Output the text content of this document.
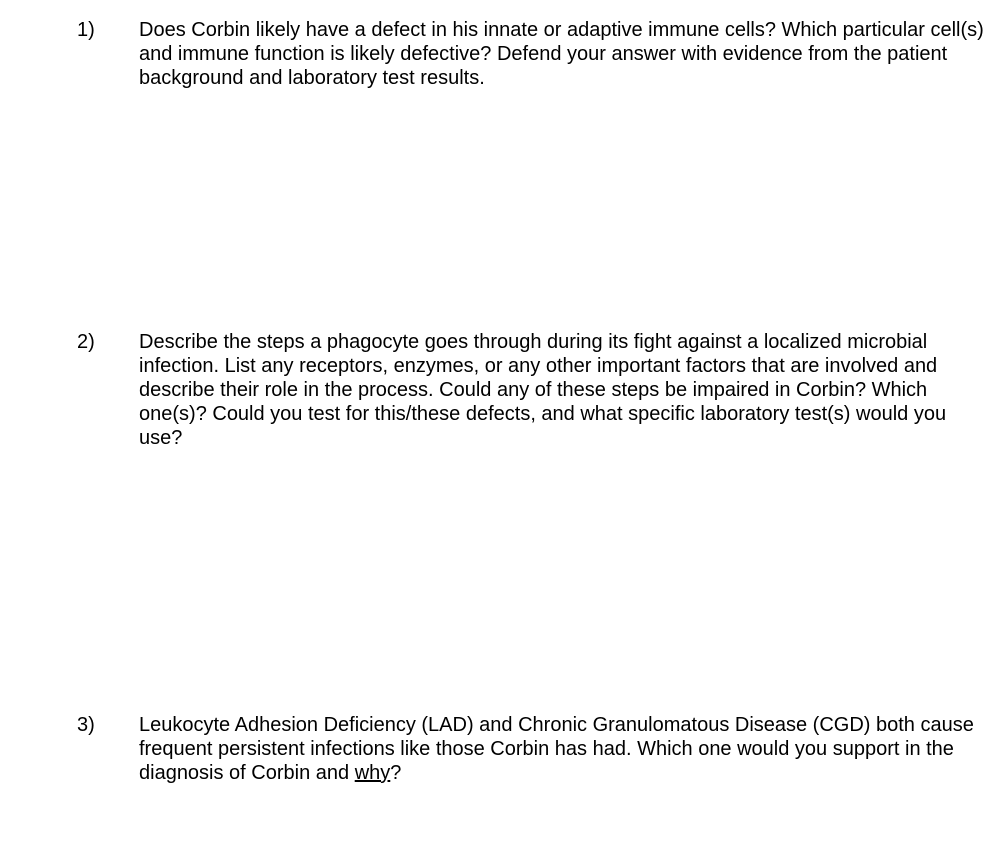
1) Does Corbin likely have a defect in his innate or adaptive immune cells? Which particular cell(s) and immune function is likely defective? Defend your answer with evidence from the patient background and laboratory test results.
2) Describe the steps a phagocyte goes through during its fight against a localized microbial infection. List any receptors, enzymes, or any other important factors that are involved and describe their role in the process. Could any of these steps be impaired in Corbin? Which one(s)? Could you test for this/these defects, and what specific laboratory test(s) would you use?
3) Leukocyte Adhesion Deficiency (LAD) and Chronic Granulomatous Disease (CGD) both cause frequent persistent infections like those Corbin has had. Which one would you support in the diagnosis of Corbin and why?
